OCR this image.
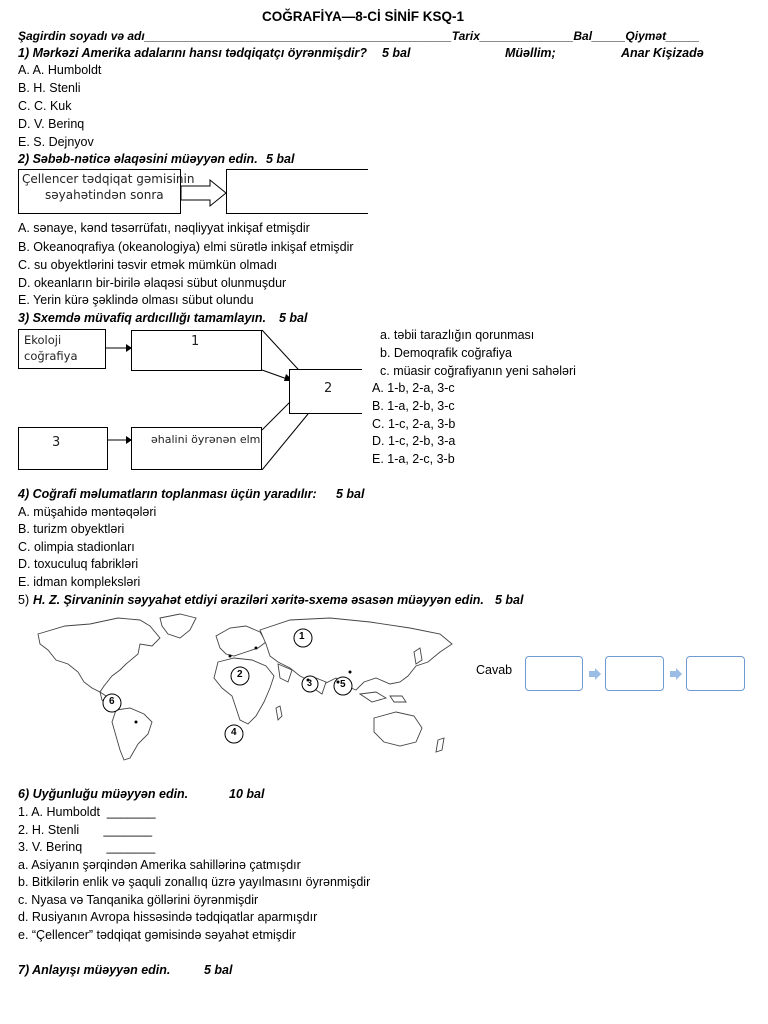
COĞRAFİYA—8-Cİ SİNİF KSQ-1
Şagirdin soyadı və adı______________________________________________Tarix______________Bal_____Qiymət_____
1) Mərkəzi Amerika adalarını hansı tədqiqatçı öyrənmişdir? 5 bal	Müəllim;	Anar Kişizadə
A. A. Humboldt
B. H. Stenli
C. C. Kuk
D. V. Berinq
E. S. Dejnyov
2) Səbəb-nəticə əlaqəsini müəyyən edin. 5 bal
Çellencer tədqiqat gəmisinin
səyahətindən sonra
A. sənaye, kənd təsərrüfatı, nəqliyyat inkişaf etmişdir
B. Okeanoqrafiya (okeanologiya) elmi sürətlə inkişaf etmişdir
C. su obyektlərini təsvir etmək mümkün olmadı
D. okeanların bir-birilə əlaqəsi sübut olunmuşdur
E. Yerin kürə şəklində olması sübut olundu
3) Sxemdə müvafiq ardıcıllığı tamamlayın. 5 bal
Ekoloji
coğrafiya
1
2
3	əhalini öyrənən elm
a. təbii tarazlığın qorunması
b. Demoqrafik coğrafiya
c. müasir coğrafiyanın yeni sahələri
A. 1-b, 2-a, 3-c
B. 1-a, 2-b, 3-c
C. 1-c, 2-a, 3-b
D. 1-c, 2-b, 3-a
E. 1-a, 2-c, 3-b
4) Coğrafi məlumatların toplanması üçün yaradılır: 5 bal
A. müşahidə məntəqələri
B. turizm obyektləri
C. olimpia stadionları
D. toxuculuq fabrikləri
E. idman kompleksləri
5) H. Z. Şirvaninin səyyahət etdiyi əraziləri xəritə-sxemə əsasən müəyyən edin. 5 bal
1
2
3
4
5
6
Cavab
6) Uyğunluğu müəyyən edin.	10 bal
1. A. Humboldt  _______
2. H. Stenli       _______
3. V. Berinq       _______
a. Asiyanın şərqindən Amerika sahillərinə çatmışdır
b. Bitkilərin enlik və şaquli zonallıq üzrə yayılmasını öyrənmişdir
c. Nyasa və Tanqanika göllərini öyrənmişdir
d. Rusiyanın Avropa hissəsində tədqiqatlar aparmışdır
e. “Çellencer” tədqiqat gəmisində səyahət etmişdir
7) Anlayışı müəyyən edin.	5 bal
